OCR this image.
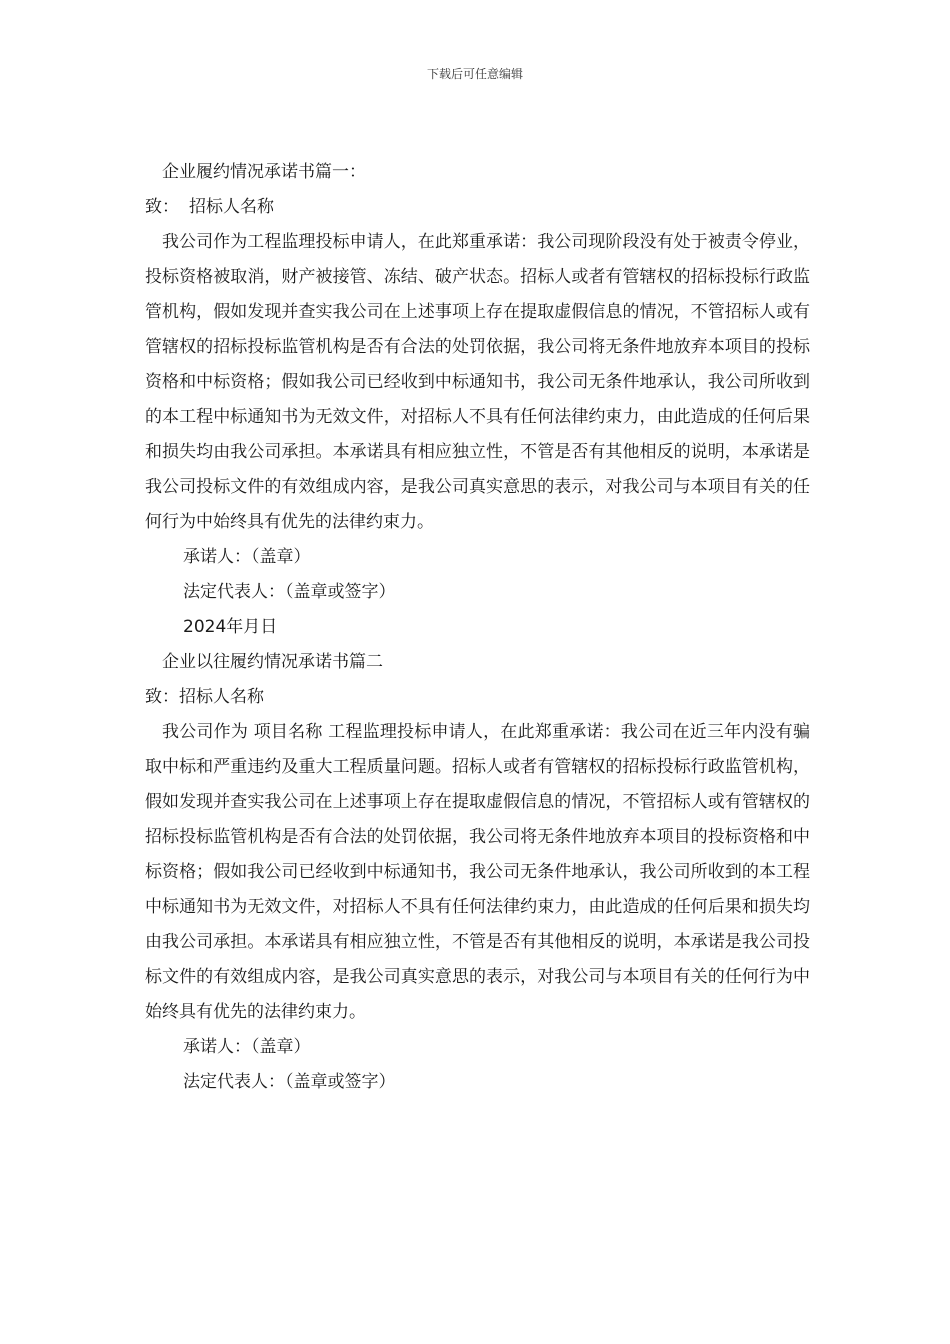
下载后可任意编辑

企业履约情况承诺书篇一：

致： 招标人名称

我公司作为工程监理投标申请人，在此郑重承诺：我公司现阶段没有处于被责令停业，投标资格被取消，财产被接管、冻结、破产状态。招标人或者有管辖权的招标投标行政监管机构，假如发现并查实我公司在上述事项上存在提取虚假信息的情况，不管招标人或有管辖权的招标投标监管机构是否有合法的处罚依据，我公司将无条件地放弃本项目的投标资格和中标资格；假如我公司已经收到中标通知书，我公司无条件地承认，我公司所收到的本工程中标通知书为无效文件，对招标人不具有任何法律约束力，由此造成的任何后果和损失均由我公司承担。本承诺具有相应独立性，不管是否有其他相反的说明，本承诺是我公司投标文件的有效组成内容，是我公司真实意思的表示，对我公司与本项目有关的任何行为中始终具有优先的法律约束力。

承诺人：（盖章）

法定代表人：（盖章或签字）

2024年月日

企业以往履约情况承诺书篇二

致：招标人名称

我公司作为 项目名称 工程监理投标申请人，在此郑重承诺：我公司在近三年内没有骗取中标和严重违约及重大工程质量问题。招标人或者有管辖权的招标投标行政监管机构，假如发现并查实我公司在上述事项上存在提取虚假信息的情况，不管招标人或有管辖权的招标投标监管机构是否有合法的处罚依据，我公司将无条件地放弃本项目的投标资格和中标资格；假如我公司已经收到中标通知书，我公司无条件地承认，我公司所收到的本工程中标通知书为无效文件，对招标人不具有任何法律约束力，由此造成的任何后果和损失均由我公司承担。本承诺具有相应独立性，不管是否有其他相反的说明，本承诺是我公司投标文件的有效组成内容，是我公司真实意思的表示，对我公司与本项目有关的任何行为中始终具有优先的法律约束力。

承诺人：（盖章）

法定代表人：（盖章或签字）
